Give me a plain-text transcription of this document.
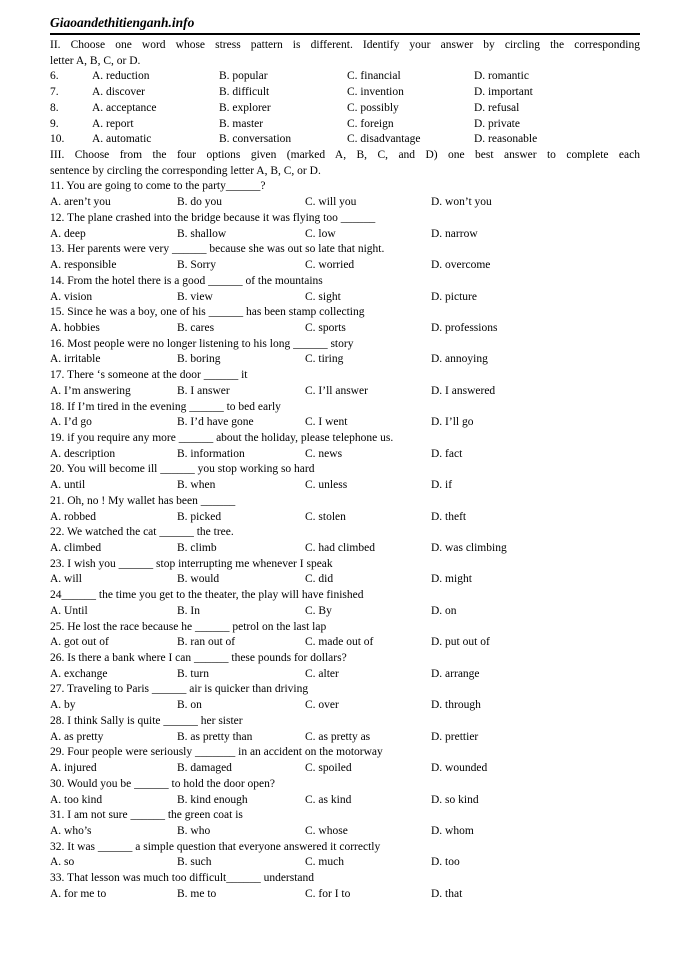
Giaoandethitienganh.info
II. Choose one word whose stress pattern is different. Identify your answer by circling the corresponding
letter A, B, C, or D.
6.	A. reduction	B. popular	C. financial	D. romantic
7.	A. discover	B. difficult	C. invention	D. important
8.	A. acceptance	B. explorer	C. possibly	D. refusal
9.	A. report	B. master	C. foreign	D. private
10. A. automatic	B. conversation	C. disadvantage	D. reasonable
III. Choose from the four options given (marked A, B, C, and D) one best answer to complete each
sentence by circling the corresponding letter A, B, C, or D.
11. You are going to come to the party______?
A. aren’t you	B. do you	C. will you	D. won’t you
12. The plane crashed into the bridge because it was flying too ______
A. deep	B. shallow	C. low	D. narrow
13. Her parents were very ______ because she was out so late that night.
A. responsible	B. Sorry	C. worried	D. overcome
14. From the hotel there is a good ______ of the mountains
A. vision	B. view	C. sight	D. picture
15. Since he was a boy, one of his ______ has been stamp collecting
A. hobbies	B. cares	C. sports	D. professions
16. Most people were no longer listening to his long ______ story
A. irritable	B. boring	C. tiring	D. annoying
17. There ‘s someone at the door ______ it
A. I’m answering	B. I answer	C. I’ll answer	D. I answered
18. If I’m tired in the evening ______ to bed early
A. I’d go	B. I’d have gone	C. I went	D. I’ll go
19. if you require any more ______ about the holiday, please telephone us.
A. description	B. information	C. news	D. fact
20. You will become ill ______ you stop working so hard
A. until	B. when	C. unless	D. if
21. Oh, no ! My wallet has been ______
A. robbed	B. picked	C. stolen	D. theft
22. We watched the cat ______ the tree.
A. climbed	B. climb	C. had climbed	D. was climbing
23. I wish you ______ stop interrupting me whenever I speak
A. will	B. would	C. did	D. might
24______ the time you get to the theater, the play will have finished
A. Until	B. In	C. By	D. on
25. He lost the race because he ______ petrol on the last lap
A. got out of	B. ran out of	C. made out of	D. put out of
26. Is there a bank where I can ______ these pounds for dollars?
A. exchange	B. turn	C. alter	D. arrange
27. Traveling to Paris ______ air is quicker than driving
A. by	B. on	C. over	D. through
28. I think Sally is quite ______ her sister
A. as pretty	B. as pretty than	C. as pretty as	D. prettier
29. Four people were seriously _______ in an accident on the motorway
A. injured	B. damaged	C. spoiled	D. wounded
30. Would you be ______ to hold the door open?
A. too kind	B. kind enough	C. as kind	D. so kind
31. I am not sure ______ the green coat is
A. who’s	B. who	C. whose	D. whom
32. It was ______ a simple question that everyone answered it correctly
A. so	B. such	C. much	D. too
33. That lesson was much too difficult______ understand
A. for me to	B. me to	C. for I to	D. that
